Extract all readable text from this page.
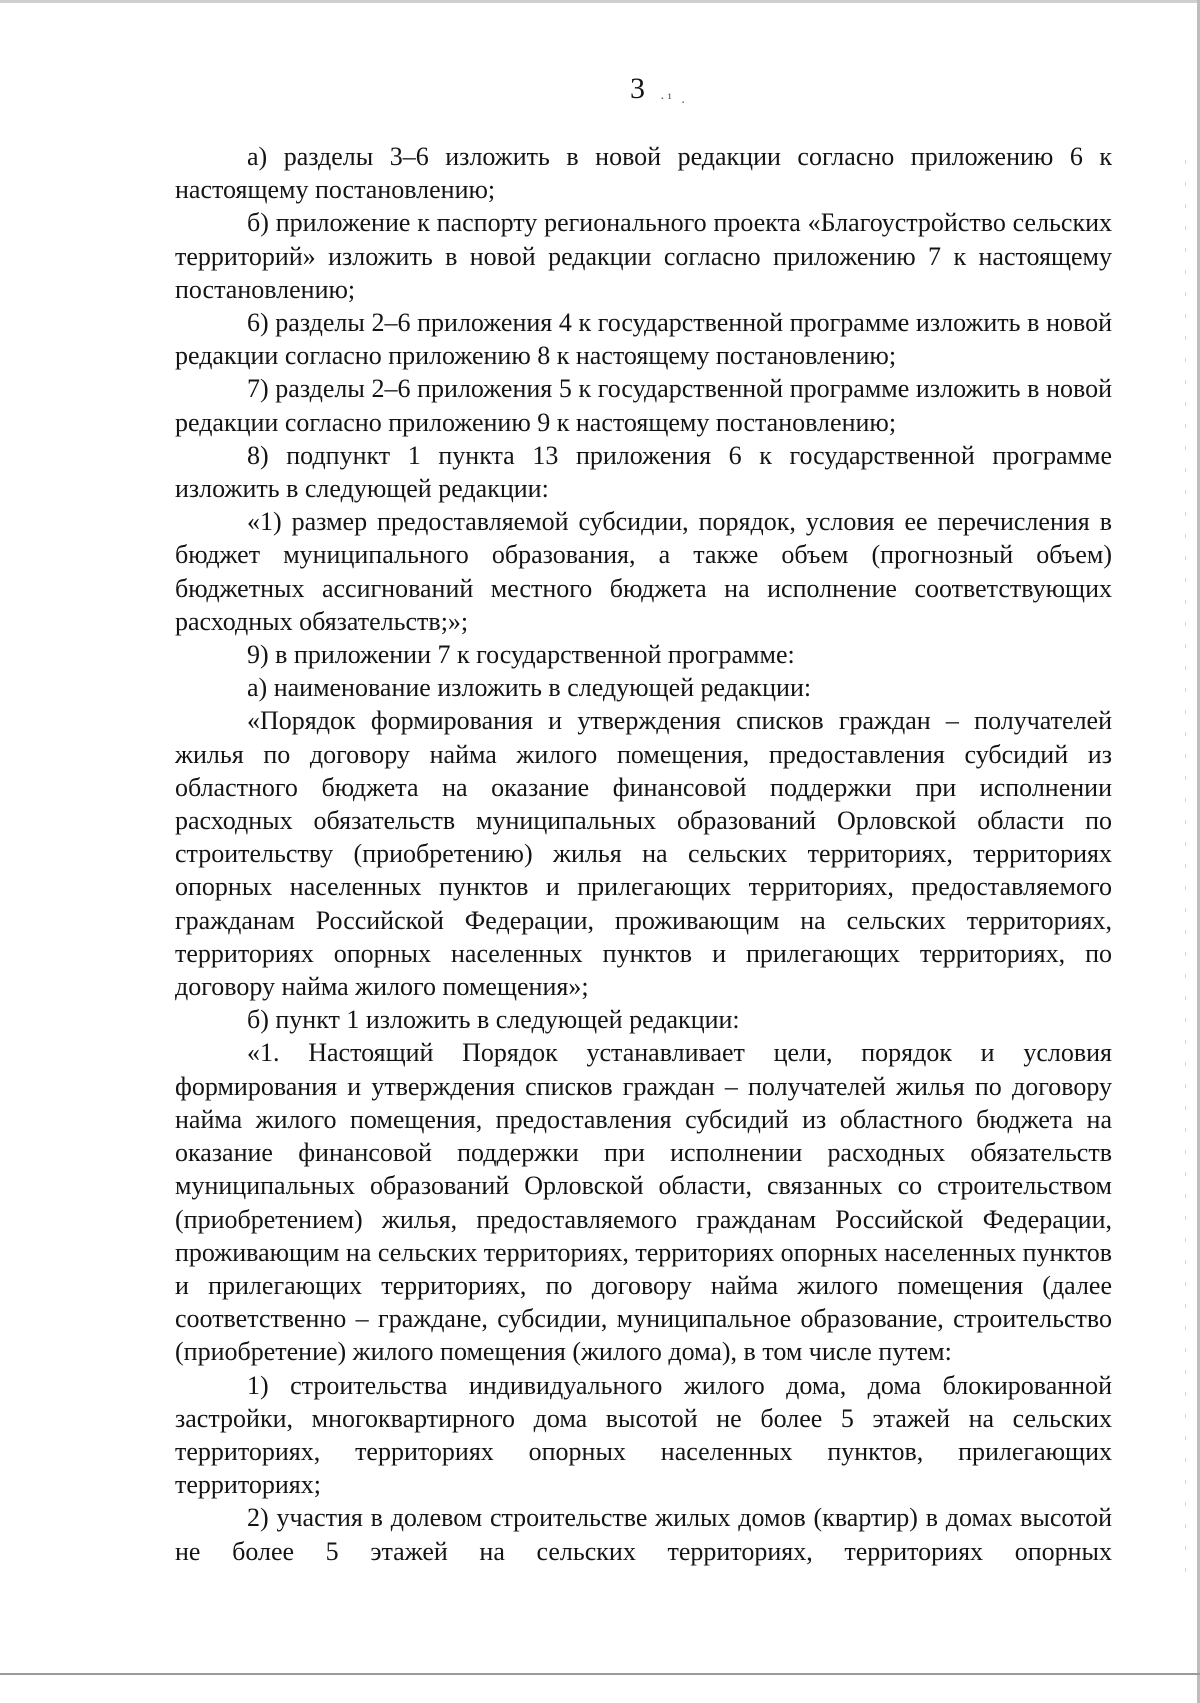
3 ·¹ .

а) разделы 3–6 изложить в новой редакции согласно приложению 6 к настоящему постановлению;

б) приложение к паспорту регионального проекта «Благоустройство сельских территорий» изложить в новой редакции согласно приложению 7 к настоящему постановлению;

6) разделы 2–6 приложения 4 к государственной программе изложить в новой редакции согласно приложению 8 к настоящему постановлению;

7) разделы 2–6 приложения 5 к государственной программе изложить в новой редакции согласно приложению 9 к настоящему постановлению;

8) подпункт 1 пункта 13 приложения 6 к государственной программе изложить в следующей редакции:

«1) размер предоставляемой субсидии, порядок, условия ее перечисления в бюджет муниципального образования, а также объем (прогнозный объем) бюджетных ассигнований местного бюджета на исполнение соответствующих расходных обязательств;»;

9) в приложении 7 к государственной программе:

а) наименование изложить в следующей редакции:

«Порядок формирования и утверждения списков граждан – получателей жилья по договору найма жилого помещения, предоставления субсидий из областного бюджета на оказание финансовой поддержки при исполнении расходных обязательств муниципальных образований Орловской области по строительству (приобретению) жилья на сельских территориях, территориях опорных населенных пунктов и прилегающих территориях, предоставляемого гражданам Российской Федерации, проживающим на сельских территориях, территориях опорных населенных пунктов и прилегающих территориях, по договору найма жилого помещения»;

б) пункт 1 изложить в следующей редакции:

«1. Настоящий Порядок устанавливает цели, порядок и условия формирования и утверждения списков граждан – получателей жилья по договору найма жилого помещения, предоставления субсидий из областного бюджета на оказание финансовой поддержки при исполнении расходных обязательств муниципальных образований Орловской области, связанных со строительством (приобретением) жилья, предоставляемого гражданам Российской Федерации, проживающим на сельских территориях, территориях опорных населенных пунктов и прилегающих территориях, по договору найма жилого помещения (далее соответственно – граждане, субсидии, муниципальное образование, строительство (приобретение) жилого помещения (жилого дома), в том числе путем:

1) строительства индивидуального жилого дома, дома блокированной застройки, многоквартирного дома высотой не более 5 этажей на сельских территориях, территориях опорных населенных пунктов, прилегающих территориях;

2) участия в долевом строительстве жилых домов (квартир) в домах высотой не более 5 этажей на сельских территориях, территориях опорных
